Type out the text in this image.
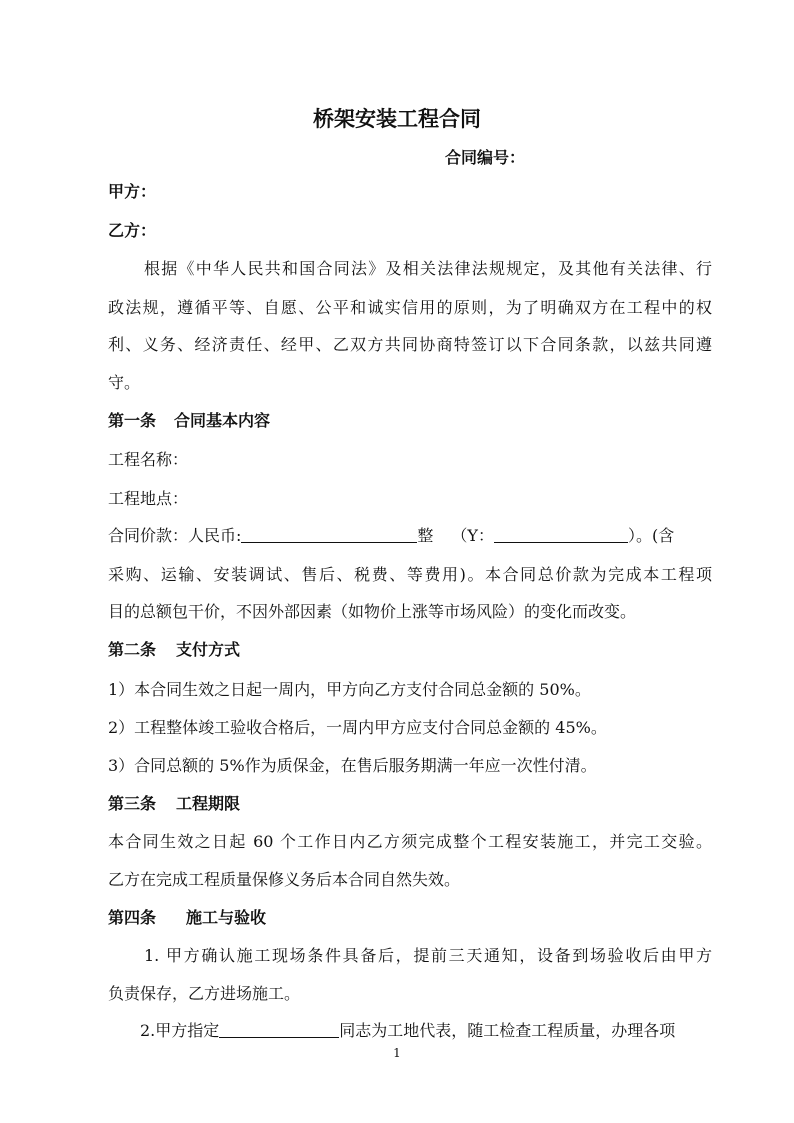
桥架安装工程合同
合同编号：
甲方：
乙方：
根据《中华人民共和国合同法》及相关法律法规规定，及其他有关法律、行
政法规，遵循平等、自愿、公平和诚实信用的原则，为了明确双方在工程中的权
利、义务、经济责任、经甲、乙双方共同协商特签订以下合同条款，以兹共同遵
守。
第一条 合同基本内容
工程名称：
工程地点：
合同价款：人民币:	整 （Y：	）。(含
采购、运输、安装调试、售后、税费、等费用)。本合同总价款为完成本工程项
目的总额包干价，不因外部因素（如物价上涨等市场风险）的变化而改变。
第二条 支付方式
1）本合同生效之日起一周内，甲方向乙方支付合同总金额的 50%。
2）工程整体竣工验收合格后，一周内甲方应支付合同总金额的 45%。
3）合同总额的 5%作为质保金，在售后服务期满一年应一次性付清。
第三条 工程期限
本合同生效之日起 60 个工作日内乙方须完成整个工程安装施工，并完工交验。
乙方在完成工程质量保修义务后本合同自然失效。
第四条 施工与验收
1. 甲方确认施工现场条件具备后，提前三天通知，设备到场验收后由甲方
负责保存，乙方进场施工。
2.甲方指定	同志为工地代表，随工检查工程质量，办理各项
1
